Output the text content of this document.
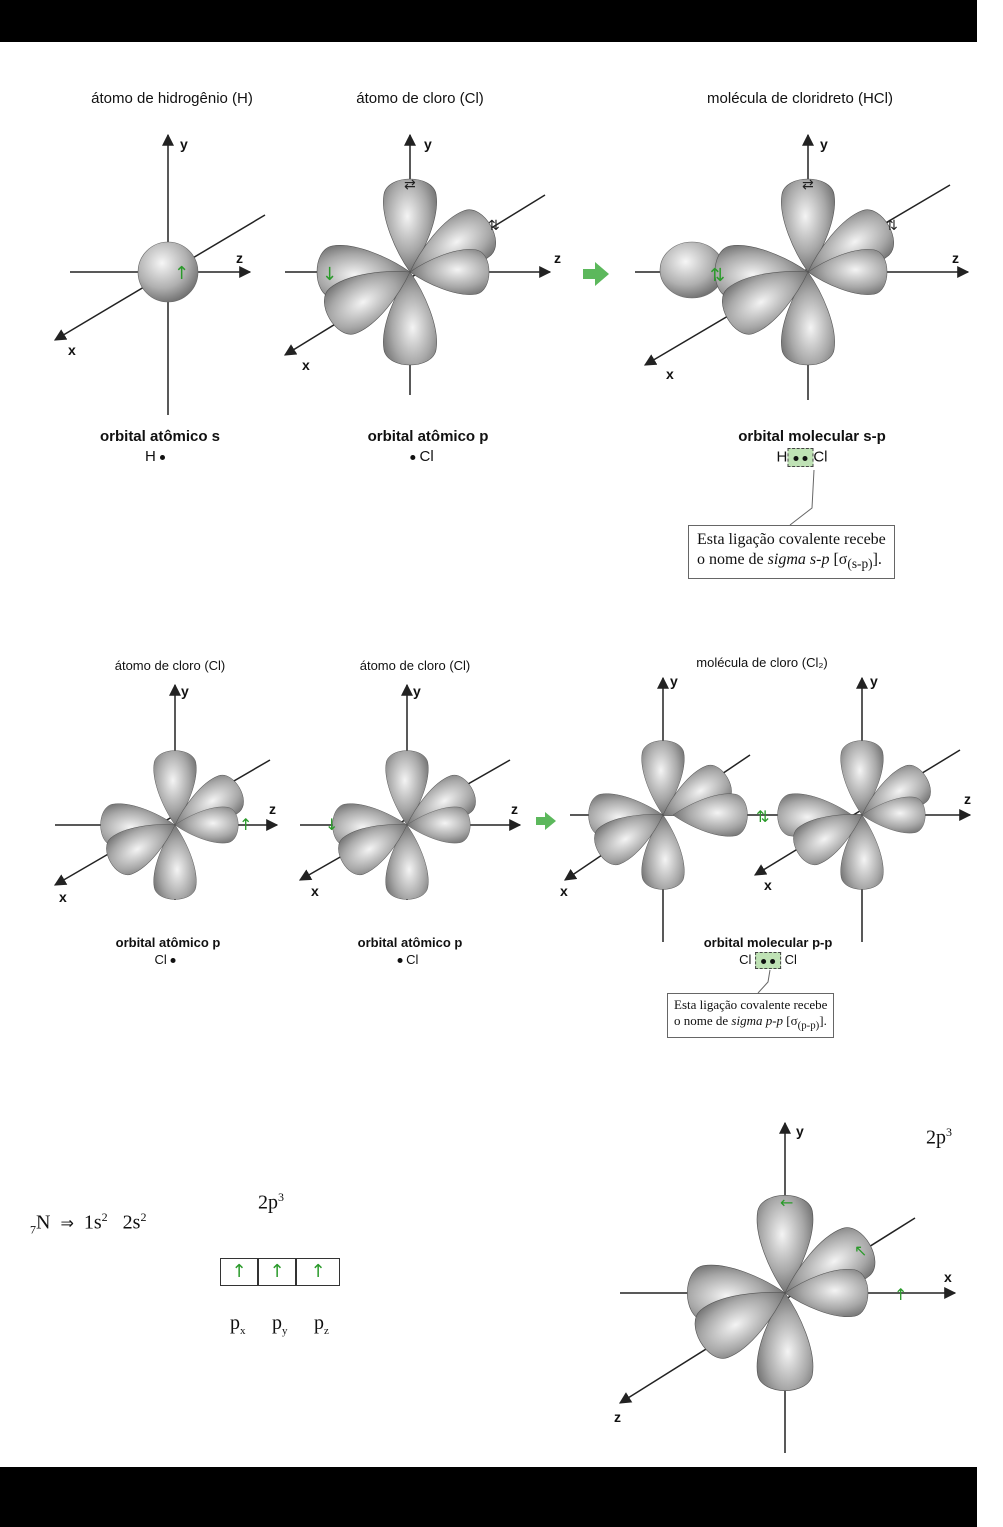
átomo de hidrogênio (H)	átomo de cloro (Cl)	molécula de cloridreto (HCl)
↑
y
z
x
⇄
⇅
↓
y
z
x
⇅
⇄
⇅
y
z
x
orbital atômico s
H
orbital atômico p
Cl
orbital molecular s-p
H Cl
Esta ligação covalente recebe
o nome de sigma s-p $[\sigma_{(s-p)}]$.
átomo de cloro (Cl)	átomo de cloro (Cl)	molécula de cloro (Cl₂)
↑
y
z
x
↓
y
z
x
⇅
y	y
z
x	x
orbital atômico p
Cl
orbital atômico p
Cl
orbital molecular p-p
Cl	Cl
Esta ligação covalente recebe
o nome de sigma p-p $[\sigma_{(p-p)}]$.
$_7$N ⇒ $1s^2$ $2s^2$
$2p^3$
↑	↑	↑
$p_x$ $p_y$ $p_z$
$2p^3$
←
↖
↑
y
x
z
